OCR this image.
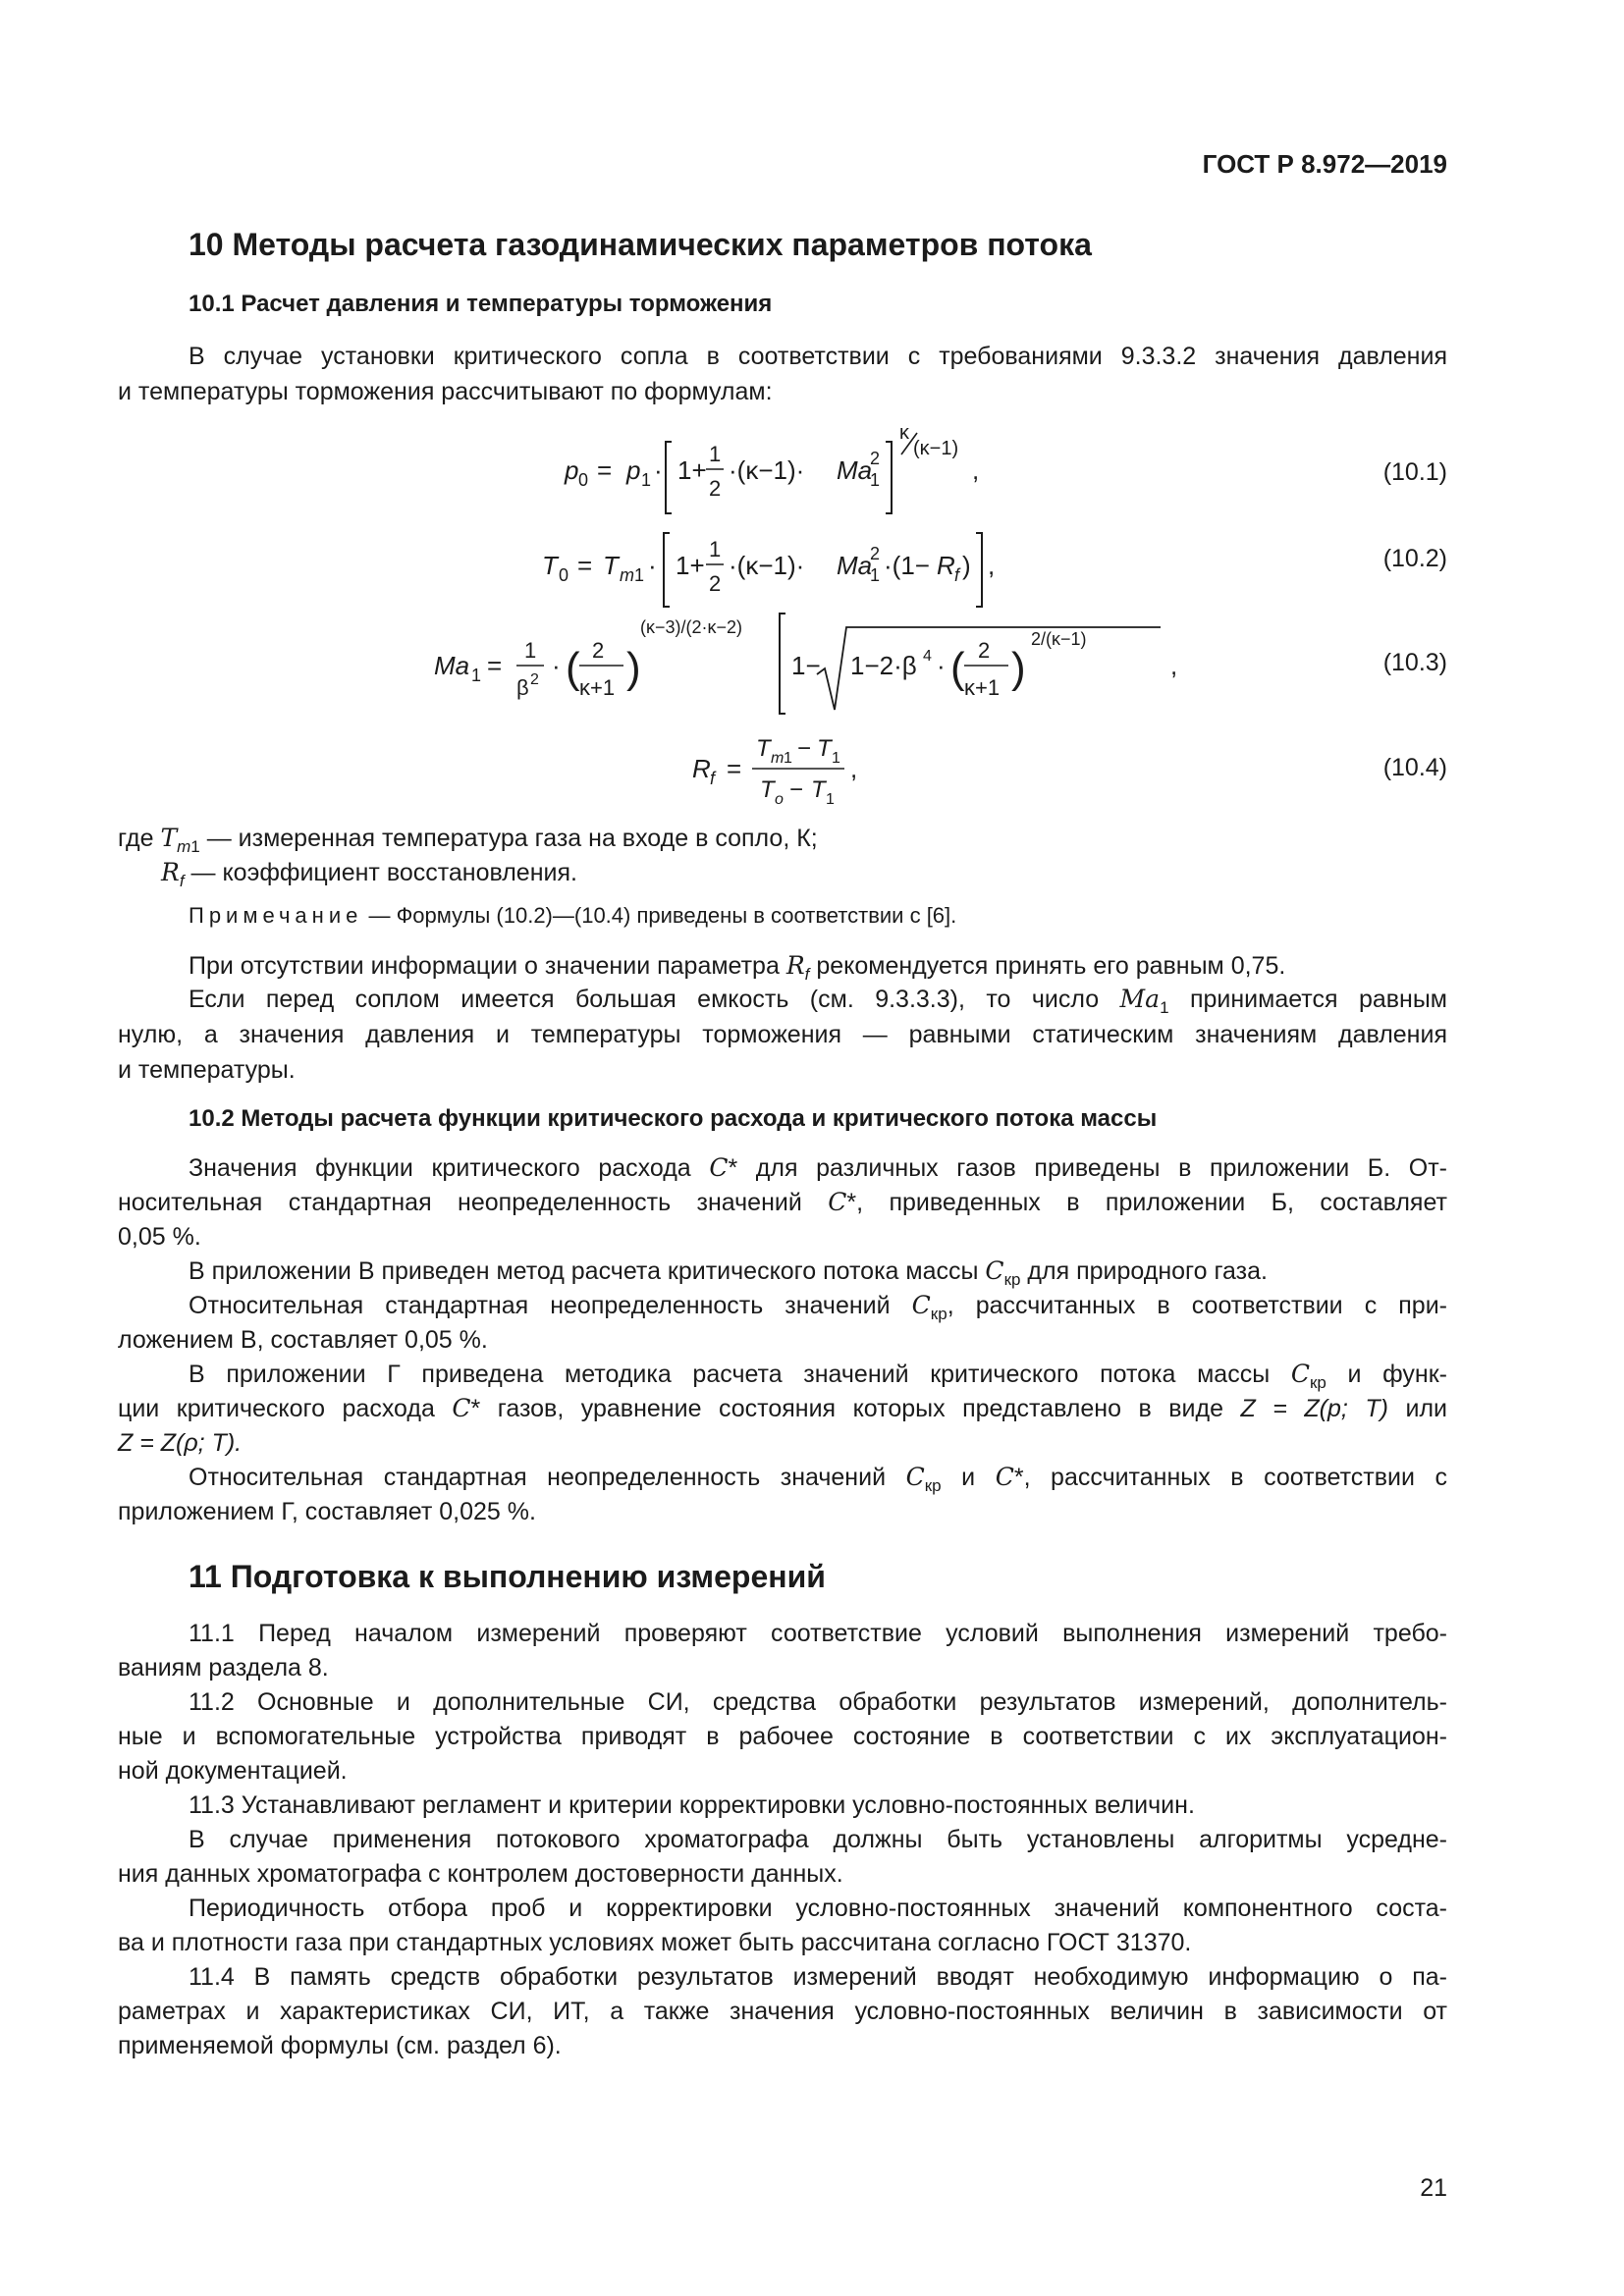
ГОСТ Р 8.972—2019
10 Методы расчета газодинамических параметров потока
10.1 Расчет давления и температуры торможения
В случае установки критического сопла в соответствии с требованиями 9.3.3.2 значения давления
и температуры торможения рассчитывают по формулам:
p 0 = p 1 · 1+
1
2
·(κ−1)· Ma
2
1
κ
(κ−1)
,	(10.1)
T 0 = T m 1 · 1+
1
2
·(κ−1)· Ma
2
1 ·(1− R f ) ,	(10.2)
Ma 1 =
1
β 2 · ( 2
κ+1 )
(κ−3)/(2·κ−2)
1− 1−2·β 4 · ( 2
κ+1 )
2/(κ−1)
,	(10.3)
R f =
T m 1 − T 1
T o − T 1
,	(10.4)
где $T_{m1}$ — измеренная температура газа на входе в сопло, К;
$R_f$ — коэффициент восстановления.
Примечание — Формулы (10.2)—(10.4) приведены в соответствии с [6].
При отсутствии информации о значении параметра $R_f$ рекомендуется принять его равным 0,75.
Если перед соплом имеется большая емкость (см. 9.3.3.3), то число $Ma_1$ принимается равным
нулю, а значения давления и температуры торможения — равными статическим значениям давления
и температуры.
10.2 Методы расчета функции критического расхода и критического потока массы
Значения функции критического расхода C* для различных газов приведены в приложении Б. От-
носительная стандартная неопределенность значений C*, приведенных в приложении Б, составляет
0,05 %.
В приложении В приведен метод расчета критического потока массы $C_{кр}$ для природного газа.
Относительная стандартная неопределенность значений $C_{кр}$, рассчитанных в соответствии с при-
ложением В, составляет 0,05 %.
В приложении Г приведена методика расчета значений критического потока массы $C_{кр}$ и функ-
ции критического расхода C* газов, уравнение состояния которых представлено в виде Z = Z(p; T) или
Z = Z(ρ; T).
Относительная стандартная неопределенность значений $C_{кр}$ и C*, рассчитанных в соответствии с
приложением Г, составляет 0,025 %.
11 Подготовка к выполнению измерений
11.1 Перед началом измерений проверяют соответствие условий выполнения измерений требо-
ваниям раздела 8.
11.2 Основные и дополнительные СИ, средства обработки результатов измерений, дополнитель-
ные и вспомогательные устройства приводят в рабочее состояние в соответствии с их эксплуатацион-
ной документацией.
11.3 Устанавливают регламент и критерии корректировки условно-постоянных величин.
В случае применения потокового хроматографа должны быть установлены алгоритмы усредне-
ния данных хроматографа с контролем достоверности данных.
Периодичность отбора проб и корректировки условно-постоянных значений компонентного соста-
ва и плотности газа при стандартных условиях может быть рассчитана согласно ГОСТ 31370.
11.4 В память средств обработки результатов измерений вводят необходимую информацию о па-
раметрах и характеристиках СИ, ИТ, а также значения условно-постоянных величин в зависимости от
применяемой формулы (см. раздел 6).
21
